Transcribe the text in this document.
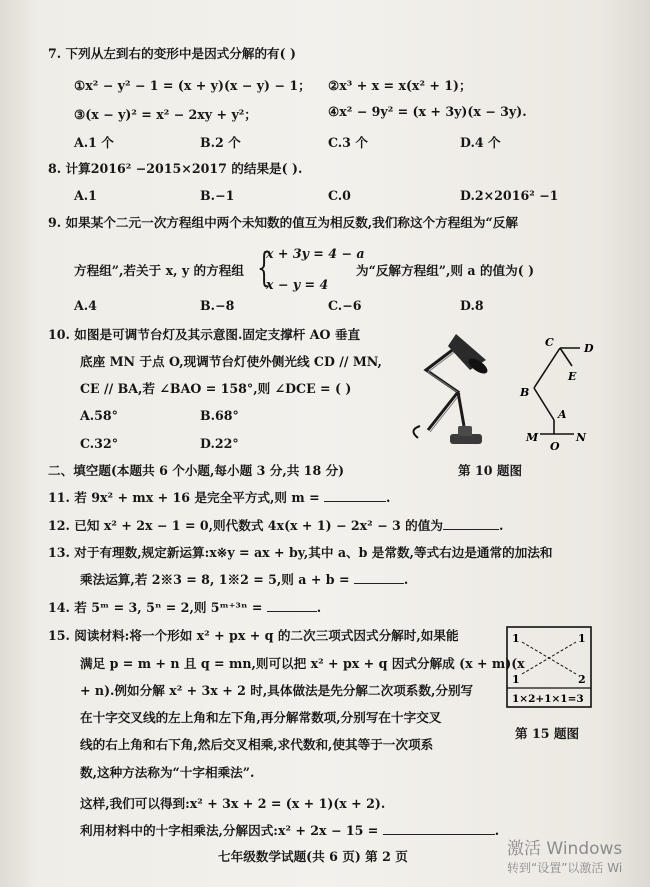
7. 下列从左到右的变形中是因式分解的有( )
①x² − y² − 1 = (x + y)(x − y) − 1； ②x³ + x = x(x² + 1)；
③(x − y)² = x² − 2xy + y²；	④x² − 9y² = (x + 3y)(x − 3y).
A.1 个	B.2 个	C.3 个	D.4 个
8. 计算2016² −2015×2017 的结果是( ).
A.1	B.−1	C.0	D.2×2016² −1
9. 如果某个二元一次方程组中两个未知数的值互为相反数,我们称这个方程组为“反解
方程组”,若关于 x, y 的方程组 {
x + 3y = 4 − a
x − y = 4
为“反解方程组”,则 a 的值为( )
A.4	B.−8	C.−6	D.8
10. 如图是可调节台灯及其示意图.固定支撑杆 AO 垂直
底座 MN 于点 O,现调节台灯使外侧光线 CD // MN,
CE // BA,若 ∠BAO = 158°,则 ∠DCE = ( )
A.58°	B.68°
C.32°	D.22°
C	D
E
B
A
M
O
N
第 10 题图
二、填空题(本题共 6 个小题,每小题 3 分,共 18 分)
11. 若 9x² + mx + 16 是完全平方式,则 m =	.
12. 已知 x² + 2x − 1 = 0,则代数式 4x(x + 1) − 2x² − 3 的值为	.
13. 对于有理数,规定新运算:x※y = ax + by,其中 a、b 是常数,等式右边是通常的加法和
乘法运算,若 2※3 = 8, 1※2 = 5,则 a + b =	.
14. 若 5ᵐ = 3, 5ⁿ = 2,则 5ᵐ⁺³ⁿ =	.
15. 阅读材料:将一个形如 x² + px + q 的二次三项式因式分解时,如果能
满足 p = m + n 且 q = mn,则可以把 x² + px + q 因式分解成 (x + m)(x
+ n).例如分解 x² + 3x + 2 时,具体做法是先分解二次项系数,分别写
在十字交叉线的左上角和左下角,再分解常数项,分别写在十字交叉
线的右上角和右下角,然后交叉相乘,求代数和,使其等于一次项系
数,这种方法称为“十字相乘法”.
这样,我们可以得到:x² + 3x + 2 = (x + 1)(x + 2).
利用材料中的十字相乘法,分解因式:x² + 2x − 15 =	.
1	1
1	2
1×2+1×1=3
第 15 题图
七年级数学试题(共 6 页) 第 2 页	激活 Windows
转到“设置”以激活 Wi
